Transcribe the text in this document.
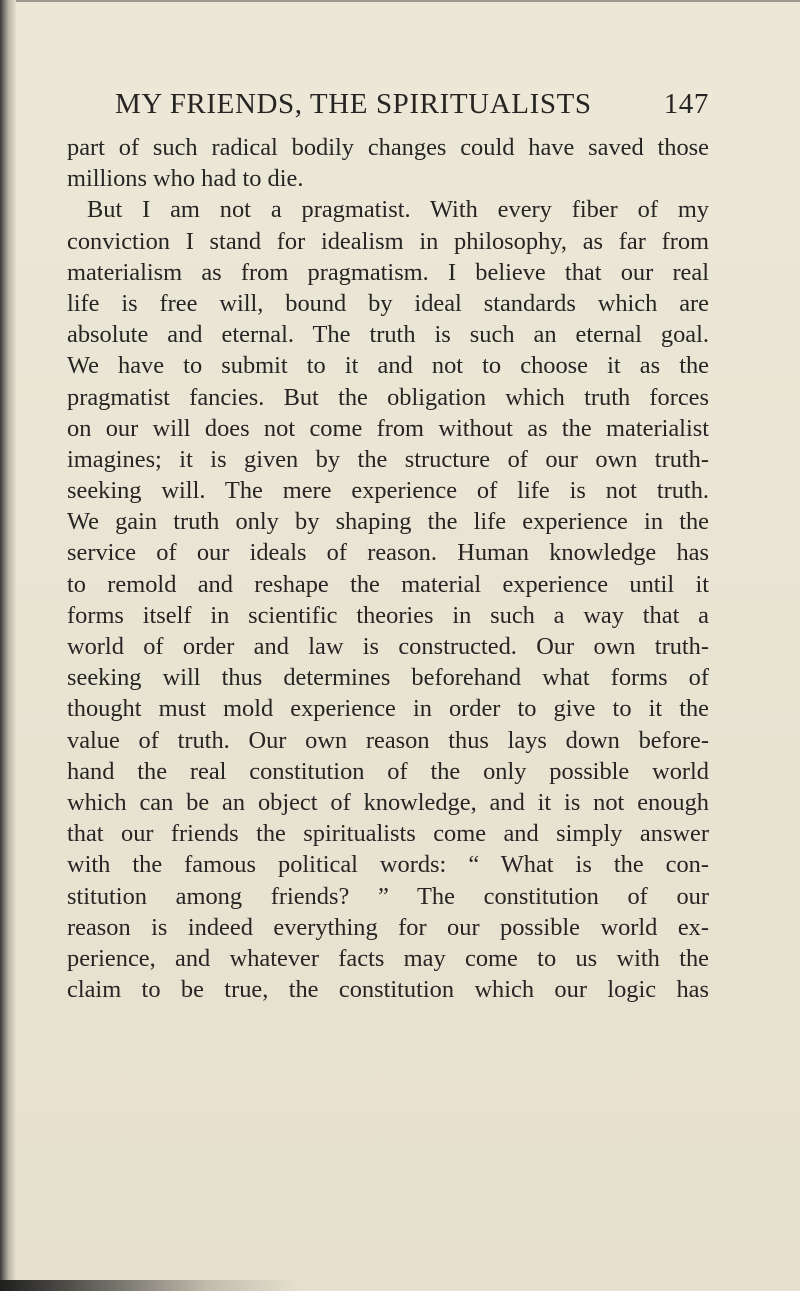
MY FRIENDS, THE SPIRITUALISTS 147
part of such radical bodily changes could have saved those
millions who had to die.
But I am not a pragmatist. With every fiber of my
conviction I stand for idealism in philosophy, as far from
materialism as from pragmatism. I believe that our real
life is free will, bound by ideal standards which are
absolute and eternal. The truth is such an eternal goal.
We have to submit to it and not to choose it as the
pragmatist fancies. But the obligation which truth forces
on our will does not come from without as the materialist
imagines; it is given by the structure of our own truth-
seeking will. The mere experience of life is not truth.
We gain truth only by shaping the life experience in the
service of our ideals of reason. Human knowledge has
to remold and reshape the material experience until it
forms itself in scientific theories in such a way that a
world of order and law is constructed. Our own truth-
seeking will thus determines beforehand what forms of
thought must mold experience in order to give to it the
value of truth. Our own reason thus lays down before-
hand the real constitution of the only possible world
which can be an object of knowledge, and it is not enough
that our friends the spiritualists come and simply answer
with the famous political words: “ What is the con-
stitution among friends? ” The constitution of our
reason is indeed everything for our possible world ex-
perience, and whatever facts may come to us with the
claim to be true, the constitution which our logic has
